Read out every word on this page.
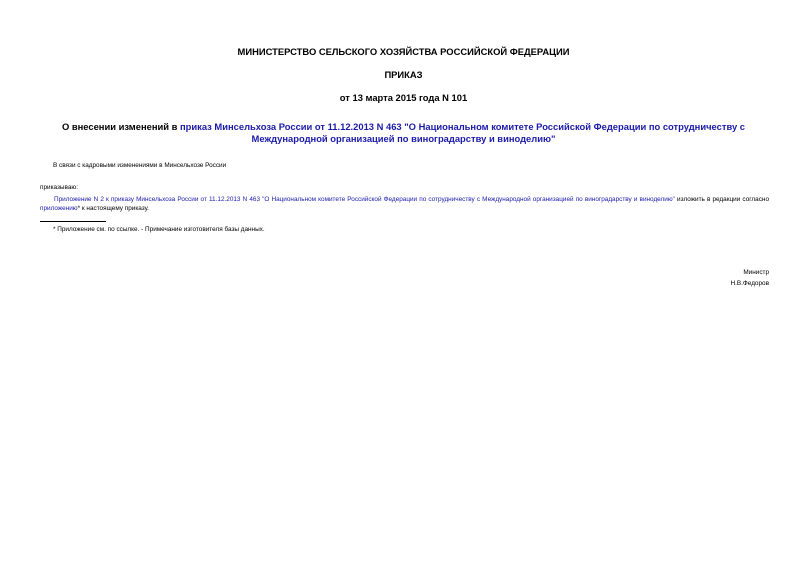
МИНИСТЕРСТВО СЕЛЬСКОГО ХОЗЯЙСТВА РОССИЙСКОЙ ФЕДЕРАЦИИ
ПРИКАЗ
от 13 марта 2015 года N 101
О внесении изменений в приказ Минсельхоза России от 11.12.2013 N 463 "О Национальном комитете Российской Федерации по сотрудничеству с Международной организацией по виноградарству и виноделию"
В связи с кадровыми изменениями в Минсельхозе России
приказываю:
Приложение N 2 к приказу Минсельхоза России от 11.12.2013 N 463 "О Национальном комитете Российской Федерации по сотрудничеству с Международной организацией по виноградарству и виноделию" изложить в редакции согласно приложению* к настоящему приказу.
* Приложение см. по ссылке. - Примечание изготовителя базы данных.
Министр
Н.В.Федоров
